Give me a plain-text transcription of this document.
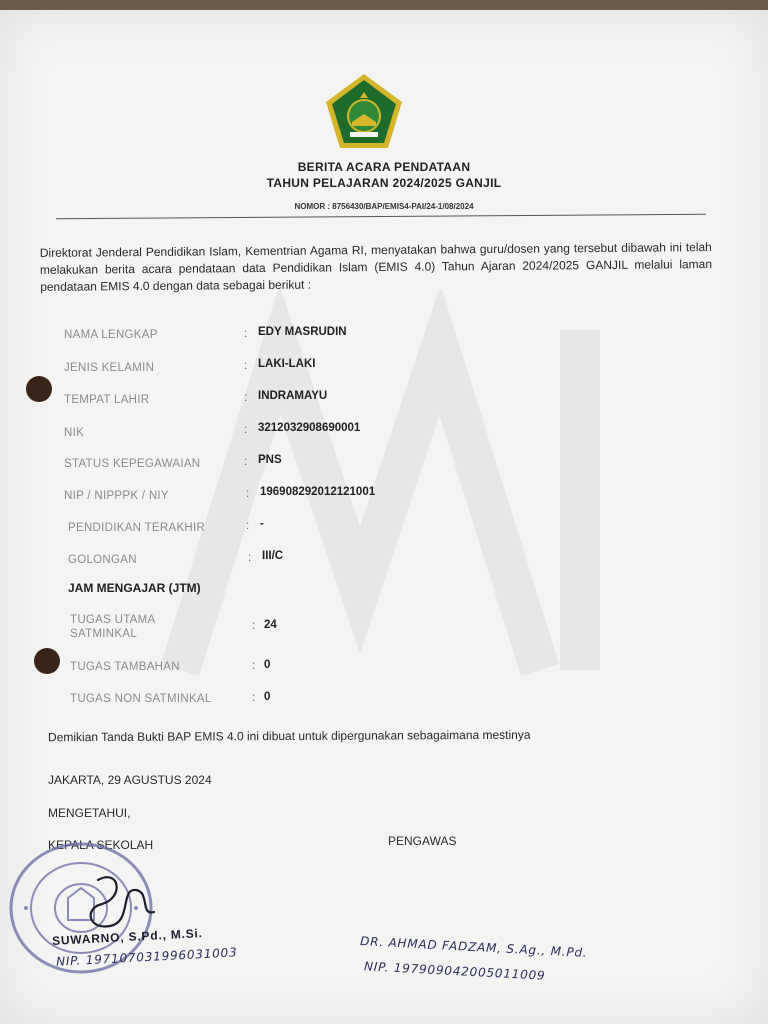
BERITA ACARA PENDATAAN
TAHUN PELAJARAN 2024/2025 GANJIL
NOMOR : 8756430/BAP/EMIS4-PAI/24-1/08/2024
Direktorat Jenderal Pendidikan Islam, Kementrian Agama RI, menyatakan bahwa guru/dosen yang tersebut dibawah ini telah melakukan berita acara pendataan data Pendidikan Islam (EMIS 4.0) Tahun Ajaran 2024/2025 GANJIL melalui laman pendataan EMIS 4.0 dengan data sebagai berikut :
NAMA LENGKAP	: EDY MASRUDIN
JENIS KELAMIN	: LAKI-LAKI
TEMPAT LAHIR	: INDRAMAYU
NIK	: 3212032908690001
STATUS KEPEGAWAIAN	: PNS
NIP / NIPPPK / NIY	: 196908292012121001
PENDIDIKAN TERAKHIR	: -
GOLONGAN	: III/C
JAM MENGAJAR (JTM)
TUGAS UTAMA SATMINKAL
: 24
TUGAS TAMBAHAN	: 0
TUGAS NON SATMINKAL	: 0
Demikian Tanda Bukti BAP EMIS 4.0 ini dibuat untuk dipergunakan sebagaimana mestinya
JAKARTA, 29 AGUSTUS 2024
MENGETAHUI,
KEPALA SEKOLAH	PENGAWAS
SUWARNO, S.Pd., M.Si.
NIP. 197107031996031003	DR. AHMAD FADZAM, S.Ag., M.Pd.
NIP. 197909042005011009
